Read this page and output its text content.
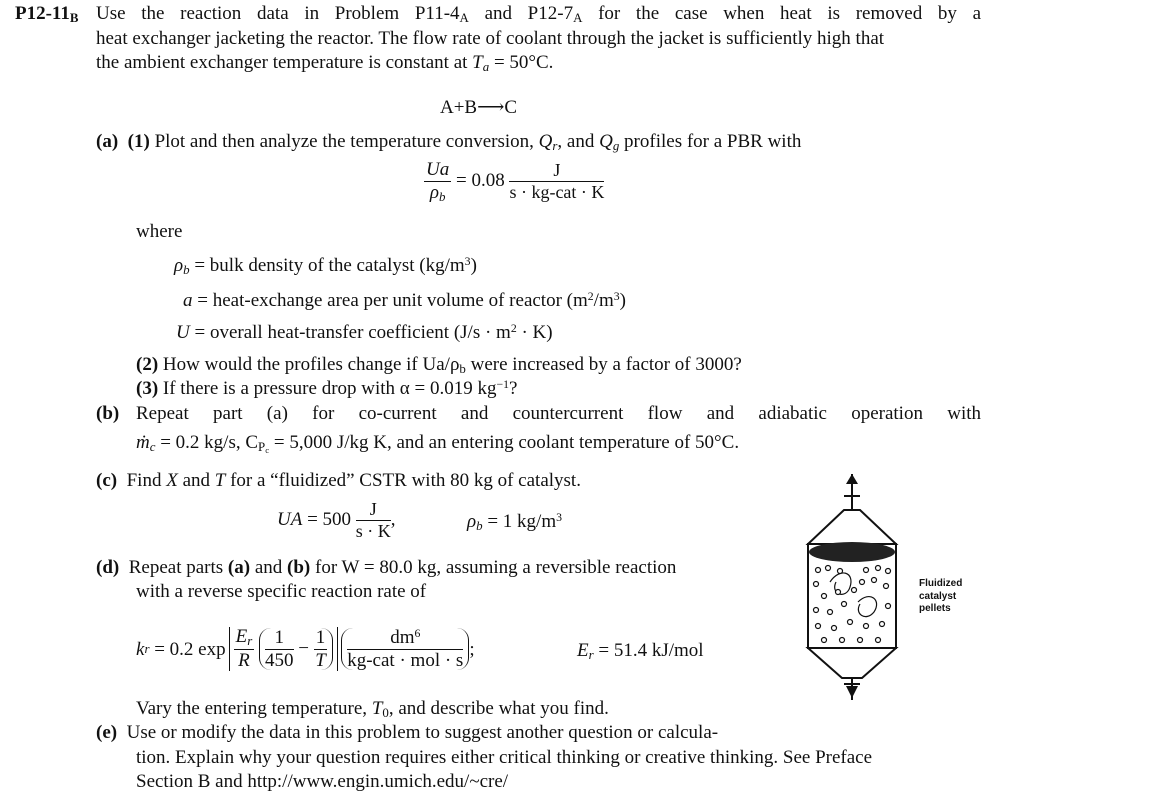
$P12-11_B$ Use the reaction data in Problem $P11-4_A$ and $P12-7_A$ for the case when heat is removed by a
heat exchanger jacketing the reactor. The flow rate of coolant through the jacket is sufficiently high that
the ambient exchanger temperature is constant at $T_a = 50^\circ C$.
A+B⟶C
(a) (1) Plot and then analyze the temperature conversion, $Q_r$, and $Q_g$ profiles for a PBR with
$\frac{Ua}{\rho_b} = 0.08 \frac{J}{\text{s · kg-cat · K}}$
where
$\rho_b$ = bulk density of the catalyst $(kg/m^3)$
a = heat-exchange area per unit volume of reactor $(m^2/m^3)$
U = overall heat-transfer coefficient $(J/s \cdot m^2 \cdot K)$
(2) How would the profiles change if $Ua/\rho_b$ were increased by a factor of 3000?
(3) If there is a pressure drop with α = 0.019 $kg^{-1}$?
(b) Repeat part (a) for co-current and countercurrent flow and adiabatic operation with
ṁ$_c$ = 0.2 kg/s, $C_{P_c} = 5,000$ J/kg K, and an entering coolant temperature of 50°C.
(c) Find X and T for a “fluidized” CSTR with 80 kg of catalyst.
UA = $500 \frac{J}{s \cdot K}$ ,	$\rho_b = 1$ $kg/m^3$
(d) Repeat parts (a) and (b) for W = 80.0 kg, assuming a reversible reaction
with a reverse specific reaction rate of
k r
= 0.2 $\exp \frac{E_r}{R}$
$\frac{1}{450} - \frac{1}{T} \frac{dm^6}{\text{kg-cat · mol · s}}$ ;	$E_r = 51.4$ kJ/mol
Vary the entering temperature, $T_0$, and describe what you find.
(e) Use or modify the data in this problem to suggest another question or calcula-
tion. Explain why your question requires either critical thinking or creative thinking. See Preface
Section B and http://www.engin.umich.edu/~cre/
Fluidized
catalyst
pellets
